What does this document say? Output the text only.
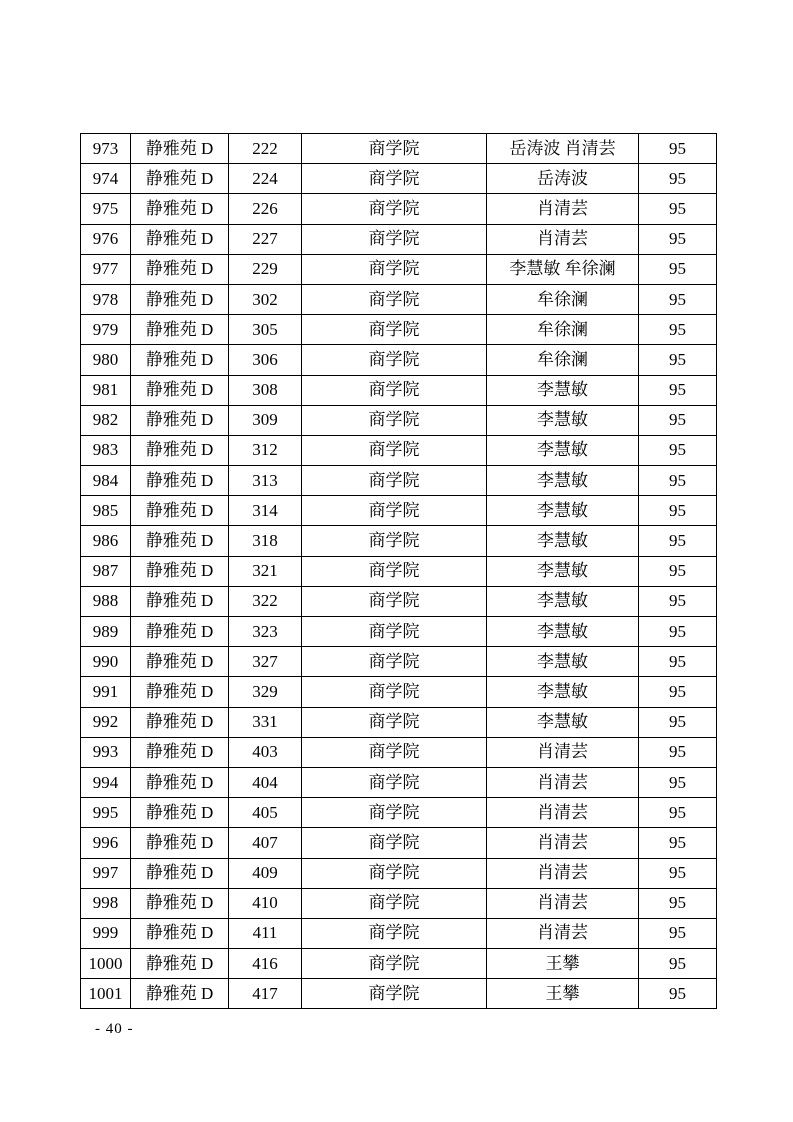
973	静雅苑 D	222	商学院	岳涛波 肖清芸	95
974	静雅苑 D	224	商学院	岳涛波	95
975	静雅苑 D	226	商学院	肖清芸	95
976	静雅苑 D	227	商学院	肖清芸	95
977	静雅苑 D	229	商学院	李慧敏 牟徐澜	95
978	静雅苑 D	302	商学院	牟徐澜	95
979	静雅苑 D	305	商学院	牟徐澜	95
980	静雅苑 D	306	商学院	牟徐澜	95
981	静雅苑 D	308	商学院	李慧敏	95
982	静雅苑 D	309	商学院	李慧敏	95
983	静雅苑 D	312	商学院	李慧敏	95
984	静雅苑 D	313	商学院	李慧敏	95
985	静雅苑 D	314	商学院	李慧敏	95
986	静雅苑 D	318	商学院	李慧敏	95
987	静雅苑 D	321	商学院	李慧敏	95
988	静雅苑 D	322	商学院	李慧敏	95
989	静雅苑 D	323	商学院	李慧敏	95
990	静雅苑 D	327	商学院	李慧敏	95
991	静雅苑 D	329	商学院	李慧敏	95
992	静雅苑 D	331	商学院	李慧敏	95
993	静雅苑 D	403	商学院	肖清芸	95
994	静雅苑 D	404	商学院	肖清芸	95
995	静雅苑 D	405	商学院	肖清芸	95
996	静雅苑 D	407	商学院	肖清芸	95
997	静雅苑 D	409	商学院	肖清芸	95
998	静雅苑 D	410	商学院	肖清芸	95
999	静雅苑 D	411	商学院	肖清芸	95
1000	静雅苑 D	416	商学院	王攀	95
1001	静雅苑 D	417	商学院	王攀	95
- 40 -
